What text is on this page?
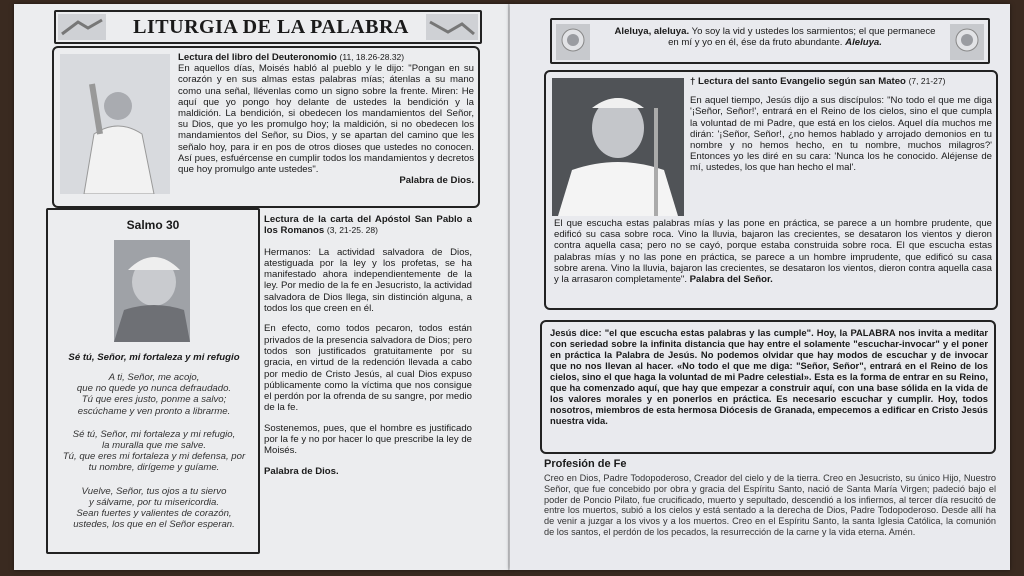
LITURGIA DE LA PALABRA

Lectura del libro del Deuteronomio (11, 18.26-28.32)

En aquellos días, Moisés habló al pueblo y le dijo: "Pongan en su corazón y en sus almas estas palabras mías; átenlas a su mano como una señal, llévenlas como un signo sobre la frente. Miren: He aquí que yo pongo hoy delante de ustedes la bendición y la maldición. La bendición, si obedecen los mandamientos del Señor, su Dios, que yo les promulgo hoy; la maldición, si no obedecen los mandamientos del Señor, su Dios, y se apartan del camino que les señalo hoy, para ir en pos de otros dioses que ustedes no conocen. Así pues, esfuércense en cumplir todos los mandamientos y decretos que hoy promulgo ante ustedes".

Palabra de Dios.

Salmo 30
Sé tú, Señor, mi fortaleza y mi refugio

A ti, Señor, me acojo,

que no quede yo nunca defraudado.

Tú que eres justo, ponme a salvo;

escúchame y ven pronto a librarme.

Sé tú, Señor, mi fortaleza y mi refugio,

la muralla que me salve.

Tú, que eres mi fortaleza y mi defensa, por

tu nombre, dirígeme y guíame.

Vuelve, Señor, tus ojos a tu siervo

y sálvame, por tu misericordia.

Sean fuertes y valientes de corazón,

ustedes, los que en el Señor esperan.

Lectura de la carta del Apóstol San Pablo a los Romanos (3, 21-25. 28)

Hermanos: La actividad salvadora de Dios, atestiguada por la ley y los profetas, se ha manifestado ahora independientemente de la ley. Por medio de la fe en Jesucristo, la actividad salvadora de Dios llega, sin distinción alguna, a todos los que creen en él.

En efecto, como todos pecaron, todos están privados de la presencia salvadora de Dios; pero todos son justificados gratuitamente por su gracia, en virtud de la redención llevada a cabo por medio de Cristo Jesús, al cual Dios expuso públicamente como la víctima que nos consigue el perdón por la ofrenda de su sangre, por medio de la fe.

Sostenemos, pues, que el hombre es justificado por la fe y no por hacer lo que prescribe la ley de Moisés.

Palabra de Dios.

Aleluya, aleluya. Yo soy la vid y ustedes los sarmientos; el que permanece en mí y yo en él, ése da fruto abundante. Aleluya.

† Lectura del santo Evangelio según san Mateo (7, 21-27)

En aquel tiempo, Jesús dijo a sus discípulos: "No todo el que me diga '¡Señor, Señor!', entrará en el Reino de los cielos, sino el que cumpla la voluntad de mi Padre, que está en los cielos. Aquel día muchos me dirán: '¡Señor, Señor!, ¿no hemos hablado y arrojado demonios en tu nombre y no hemos hecho, en tu nombre, muchos milagros?' Entonces yo les diré en su cara: 'Nunca los he conocido. Aléjense de mí, ustedes, los que han hecho el mal'.

El que escucha estas palabras mías y las pone en práctica, se parece a un hombre prudente, que edificó su casa sobre roca. Vino la lluvia, bajaron las crecientes, se desataron los vientos y dieron contra aquella casa; pero no se cayó, porque estaba construida sobre roca. El que escucha estas palabras mías y no las pone en práctica, se parece a un hombre imprudente, que edificó su casa sobre arena. Vino la lluvia, bajaron las crecientes, se desataron los vientos, dieron contra aquella casa y la arrasaron completamente". Palabra del Señor.

Jesús dice: "el que escucha estas palabras y las cumple". Hoy, la PALABRA nos invita a meditar con seriedad sobre la infinita distancia que hay entre el solamente "escuchar-invocar" y el poner en práctica la Palabra de Jesús. No podemos olvidar que hay modos de escuchar y de invocar que no nos llevan al hacer. «No todo el que me diga: "Señor, Señor", entrará en el Reino de los cielos, sino el que haga la voluntad de mi Padre celestial». Esta es la forma de entrar en su Reino, que ha comenzado aquí, que hay que empezar a construir aquí, con una base sólida en la vida de los valores morales y en ponerlos en práctica. Es necesario escuchar y cumplir. Hoy, todos nosotros, miembros de esta hermosa Diócesis de Granada, empecemos a edificar en Cristo Jesús nuestra vida.
Profesión de Fe
Creo en Dios, Padre Todopoderoso, Creador del cielo y de la tierra. Creo en Jesucristo, su único Hijo, Nuestro Señor, que fue concebido por obra y gracia del Espíritu Santo, nació de Santa María Virgen; padeció bajo el poder de Poncio Pilato, fue crucificado, muerto y sepultado, descendió a los infiernos, al tercer día resucitó de entre los muertos, subió a los cielos y está sentado a la derecha de Dios, Padre Todopoderoso. Desde allí ha de venir a juzgar a los vivos y a los muertos. Creo en el Espíritu Santo, la santa Iglesia Católica, la comunión de los santos, el perdón de los pecados, la resurrección de la carne y la vida eterna. Amén.
